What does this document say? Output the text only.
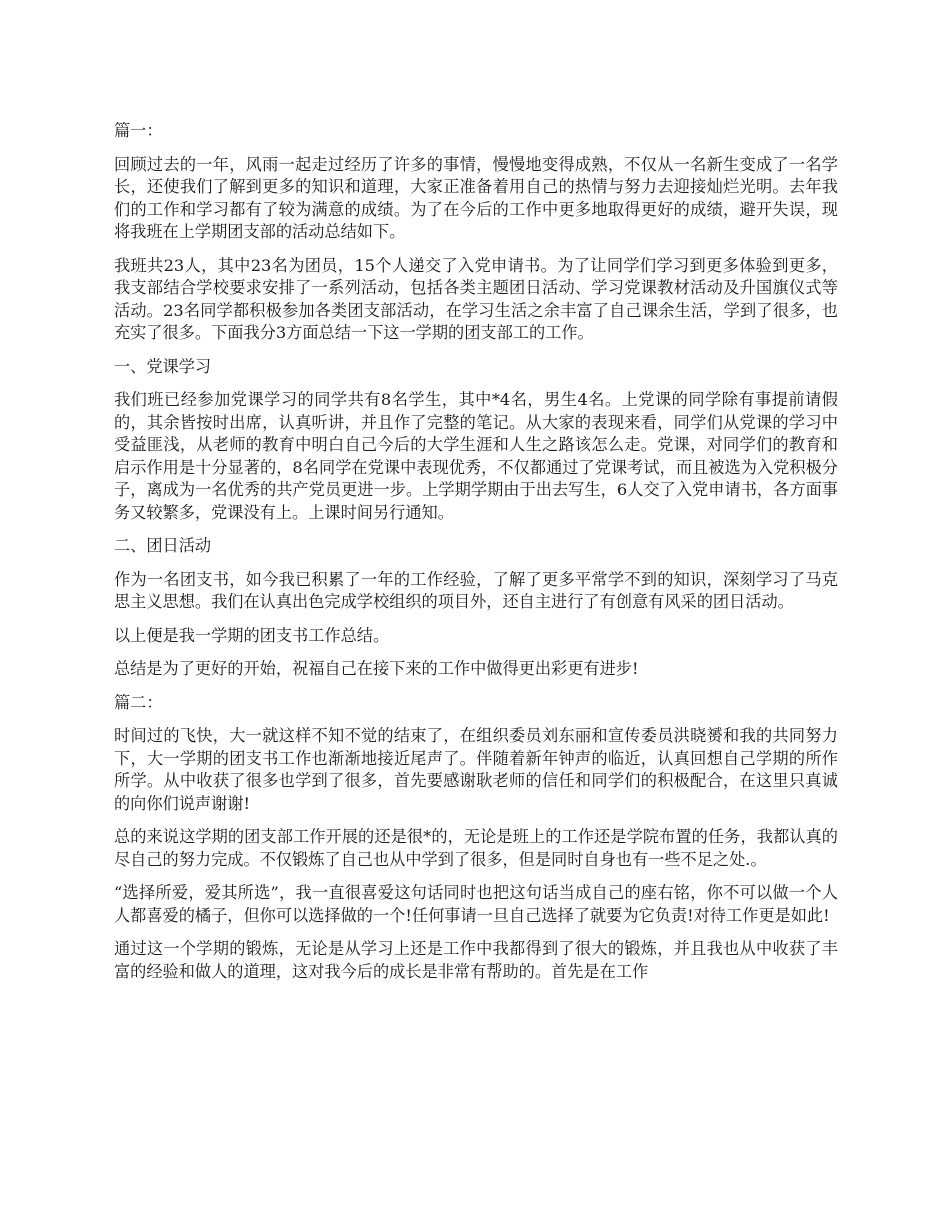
篇一：

回顾过去的一年，风雨一起走过经历了许多的事情，慢慢地变得成熟，不仅从一名新生变成了一名学长，还使我们了解到更多的知识和道理，大家正准备着用自己的热情与努力去迎接灿烂光明。去年我们的工作和学习都有了较为满意的成绩。为了在今后的工作中更多地取得更好的成绩，避开失误，现将我班在上学期团支部的活动总结如下。

我班共23人，其中23名为团员，15个人递交了入党申请书。为了让同学们学习到更多体验到更多，我支部结合学校要求安排了一系列活动，包括各类主题团日活动、学习党课教材活动及升国旗仪式等活动。23名同学都积极参加各类团支部活动，在学习生活之余丰富了自己课余生活，学到了很多，也充实了很多。下面我分3方面总结一下这一学期的团支部工的工作。

一、党课学习

我们班已经参加党课学习的同学共有8名学生，其中*4名，男生4名。上党课的同学除有事提前请假的，其余皆按时出席，认真听讲，并且作了完整的笔记。从大家的表现来看，同学们从党课的学习中受益匪浅，从老师的教育中明白自己今后的大学生涯和人生之路该怎么走。党课，对同学们的教育和启示作用是十分显著的，8名同学在党课中表现优秀，不仅都通过了党课考试，而且被选为入党积极分子，离成为一名优秀的共产党员更进一步。上学期学期由于出去写生，6人交了入党申请书，各方面事务又较繁多，党课没有上。上课时间另行通知。

二、团日活动

作为一名团支书，如今我已积累了一年的工作经验，了解了更多平常学不到的知识，深刻学习了马克思主义思想。我们在认真出色完成学校组织的项目外，还自主进行了有创意有风采的团日活动。

以上便是我一学期的团支书工作总结。

总结是为了更好的开始，祝福自己在接下来的工作中做得更出彩更有进步!

篇二：

时间过的飞快，大一就这样不知不觉的结束了，在组织委员刘东丽和宣传委员洪晓赟和我的共同努力下，大一学期的团支书工作也渐渐地接近尾声了。伴随着新年钟声的临近，认真回想自己学期的所作所学。从中收获了很多也学到了很多，首先要感谢耿老师的信任和同学们的积极配合，在这里只真诚的向你们说声谢谢!

总的来说这学期的团支部工作开展的还是很*的，无论是班上的工作还是学院布置的任务，我都认真的尽自己的努力完成。不仅锻炼了自己也从中学到了很多，但是同时自身也有一些不足之处.。

“选择所爱，爱其所选”，我一直很喜爱这句话同时也把这句话当成自己的座右铭，你不可以做一个人人都喜爱的橘子，但你可以选择做的一个!任何事请一旦自己选择了就要为它负责!对待工作更是如此!

通过这一个学期的锻炼，无论是从学习上还是工作中我都得到了很大的锻炼，并且我也从中收获了丰富的经验和做人的道理，这对我今后的成长是非常有帮助的。首先是在工作
